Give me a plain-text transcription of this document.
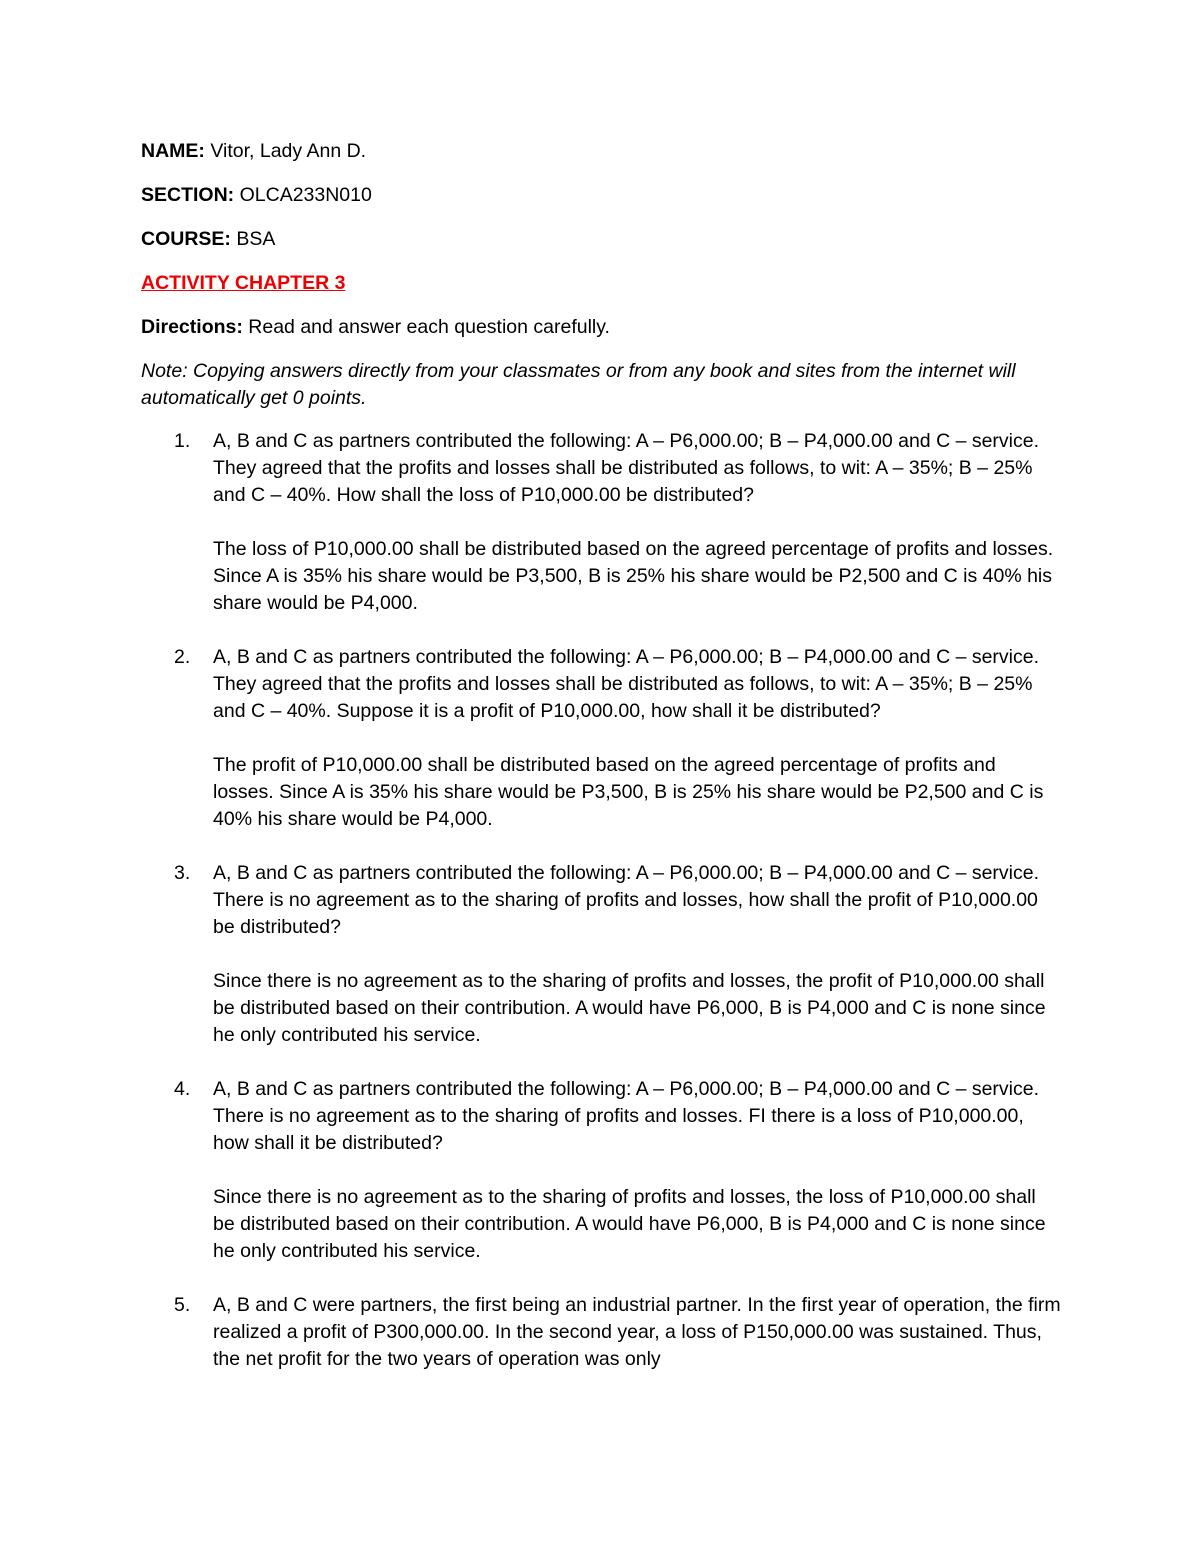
NAME: Vitor, Lady Ann D.

SECTION: OLCA233N010

COURSE: BSA

ACTIVITY CHAPTER 3

Directions: Read and answer each question carefully.

Note: Copying answers directly from your classmates or from any book and sites from the internet will automatically get 0 points.

1. A, B and C as partners contributed the following: A – P6,000.00; B – P4,000.00 and C – service. They agreed that the profits and losses shall be distributed as follows, to wit: A – 35%; B – 25% and C – 40%. How shall the loss of P10,000.00 be distributed?

The loss of P10,000.00 shall be distributed based on the agreed percentage of profits and losses. Since A is 35% his share would be P3,500, B is 25% his share would be P2,500 and C is 40% his share would be P4,000.

2. A, B and C as partners contributed the following: A – P6,000.00; B – P4,000.00 and C – service. They agreed that the profits and losses shall be distributed as follows, to wit: A – 35%; B – 25% and C – 40%. Suppose it is a profit of P10,000.00, how shall it be distributed?

The profit of P10,000.00 shall be distributed based on the agreed percentage of profits and losses. Since A is 35% his share would be P3,500, B is 25% his share would be P2,500 and C is 40% his share would be P4,000.

3. A, B and C as partners contributed the following: A – P6,000.00; B – P4,000.00 and C – service. There is no agreement as to the sharing of profits and losses, how shall the profit of P10,000.00 be distributed?

Since there is no agreement as to the sharing of profits and losses, the profit of P10,000.00 shall be distributed based on their contribution. A would have P6,000, B is P4,000 and C is none since he only contributed his service.

4. A, B and C as partners contributed the following: A – P6,000.00; B – P4,000.00 and C – service. There is no agreement as to the sharing of profits and losses. FI there is a loss of P10,000.00, how shall it be distributed?

Since there is no agreement as to the sharing of profits and losses, the loss of P10,000.00 shall be distributed based on their contribution. A would have P6,000, B is P4,000 and C is none since he only contributed his service.

5. A, B and C were partners, the first being an industrial partner. In the first year of operation, the firm realized a profit of P300,000.00. In the second year, a loss of P150,000.00 was sustained. Thus, the net profit for the two years of operation was only
